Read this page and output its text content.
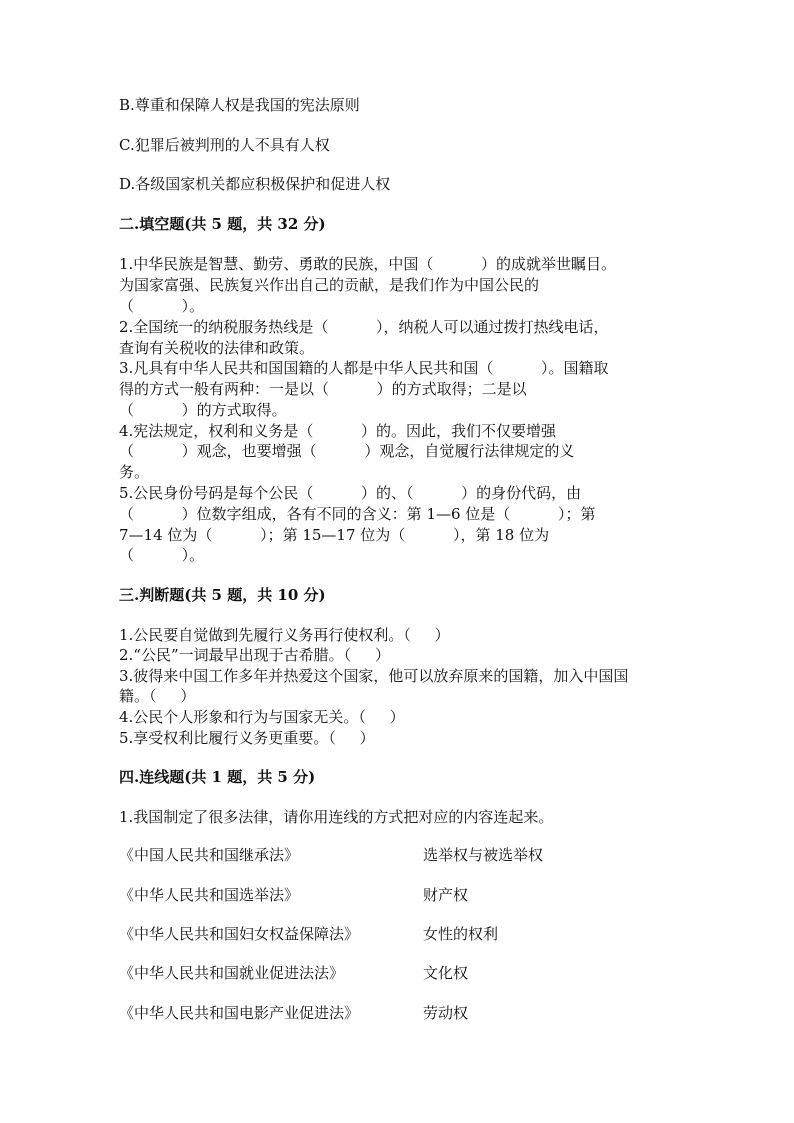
B.尊重和保障人权是我国的宪法原则
C.犯罪后被判刑的人不具有人权
D.各级国家机关都应积极保护和促进人权
二.填空题(共 5 题，共 32 分)
1.中华民族是智慧、勤劳、勇敢的民族，中国（          ）的成就举世瞩目。
为国家富强、民族复兴作出自己的贡献，是我们作为中国公民的
（          ）。
2.全国统一的纳税服务热线是（          ），纳税人可以通过拨打热线电话，
查询有关税收的法律和政策。
3.凡具有中华人民共和国国籍的人都是中华人民共和国（          ）。国籍取
得的方式一般有两种：一是以（          ）的方式取得；二是以
（          ）的方式取得。
4.宪法规定，权利和义务是（          ）的。因此，我们不仅要增强
（          ）观念，也要增强（          ）观念，自觉履行法律规定的义
务。
5.公民身份号码是每个公民（          ）的、（          ）的身份代码，由
（          ）位数字组成，各有不同的含义：第 1—6 位是（          ）；第
7—14 位为（          ）；第 15—17 位为（          ），第 18 位为
（          ）。
三.判断题(共 5 题，共 10 分)
1.公民要自觉做到先履行义务再行使权利。（     ）
2.“公民”一词最早出现于古希腊。（     ）
3.彼得来中国工作多年并热爱这个国家，他可以放弃原来的国籍，加入中国国
籍。（     ）
4.公民个人形象和行为与国家无关。（     ）
5.享受权利比履行义务更重要。（     ）
四.连线题(共 1 题，共 5 分)
1.我国制定了很多法律，请你用连线的方式把对应的内容连起来。
《中国人民共和国继承法》	选举权与被选举权
《中华人民共和国选举法》	财产权
《中华人民共和国妇女权益保障法》	女性的权利
《中华人民共和国就业促进法法》	文化权
《中华人民共和国电影产业促进法》	劳动权
